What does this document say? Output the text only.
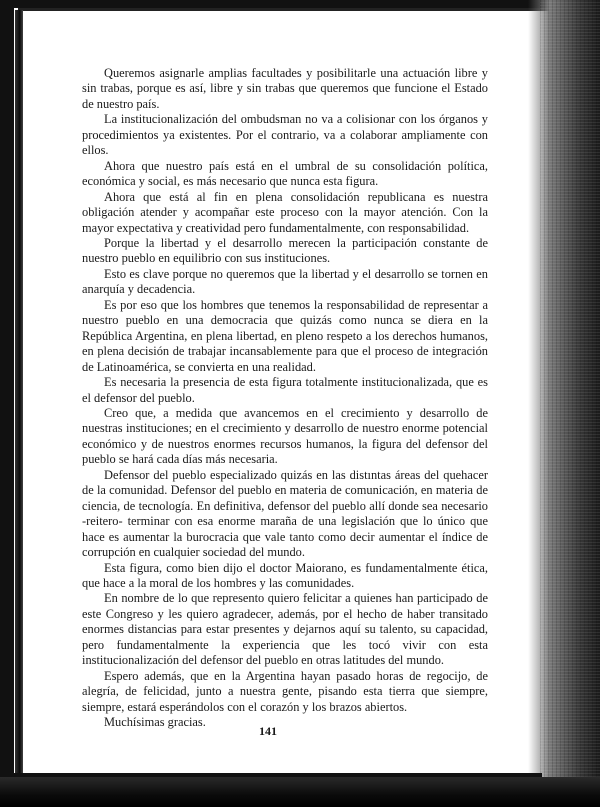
Queremos asignarle amplias facultades y posibilitarle una actuación libre y sin trabas, porque es así, libre y sin trabas que queremos que funcione el Estado de nuestro país.

La institucionalización del ombudsman no va a colisionar con los órganos y procedimientos ya existentes. Por el contrario, va a colaborar ampliamente con ellos.

Ahora que nuestro país está en el umbral de su consolidación política, económica y social, es más necesario que nunca esta figura.

Ahora que está al fin en plena consolidación republicana es nuestra obligación atender y acompañar este proceso con la mayor atención. Con la mayor expectativa y creatividad pero fundamentalmente, con responsabilidad.

Porque la libertad y el desarrollo merecen la participación constante de nuestro pueblo en equilibrio con sus instituciones.

Esto es clave porque no queremos que la libertad y el desarrollo se tornen en anarquía y decadencia.

Es por eso que los hombres que tenemos la responsabilidad de representar a nuestro pueblo en una democracia que quizás como nunca se diera en la República Argentina, en plena libertad, en pleno respeto a los derechos humanos, en plena decisión de trabajar incansablemente para que el proceso de integración de Latinoamérica, se convierta en una realidad.

Es necesaria la presencia de esta figura totalmente institucionalizada, que es el defensor del pueblo.

Creo que, a medida que avancemos en el crecimiento y desarrollo de nuestras instituciones; en el crecimiento y desarrollo de nuestro enorme potencial económico y de nuestros enormes recursos humanos, la figura del defensor del pueblo se hará cada días más necesaria.

Defensor del pueblo especializado quizás en las distıntas áreas del quehacer de la comunidad. Defensor del pueblo en materia de comunicación, en materia de ciencia, de tecnología. En definitiva, defensor del pueblo allí donde sea necesario -reitero- terminar con esa enorme maraña de una legislación que lo único que hace es aumentar la burocracia que vale tanto como decir aumentar el índice de corrupción en cualquier sociedad del mundo.

Esta figura, como bien dijo el doctor Maiorano, es fundamentalmente ética, que hace a la moral de los hombres y las comunidades.

En nombre de lo que represento quiero felicitar a quienes han participado de este Congreso y les quiero agradecer, además, por el hecho de haber transitado enormes distancias para estar presentes y dejarnos aquí su talento, su capacidad, pero fundamentalmente la experiencia que les tocó vivir con esta institucionalización del defensor del pueblo en otras latitudes del mundo.

Espero además, que en la Argentina hayan pasado horas de regocijo, de alegría, de felicidad, junto a nuestra gente, pisando esta tierra que siempre, siempre, estará esperándolos con el corazón y los brazos abiertos.

Muchísimas gracias.

141
